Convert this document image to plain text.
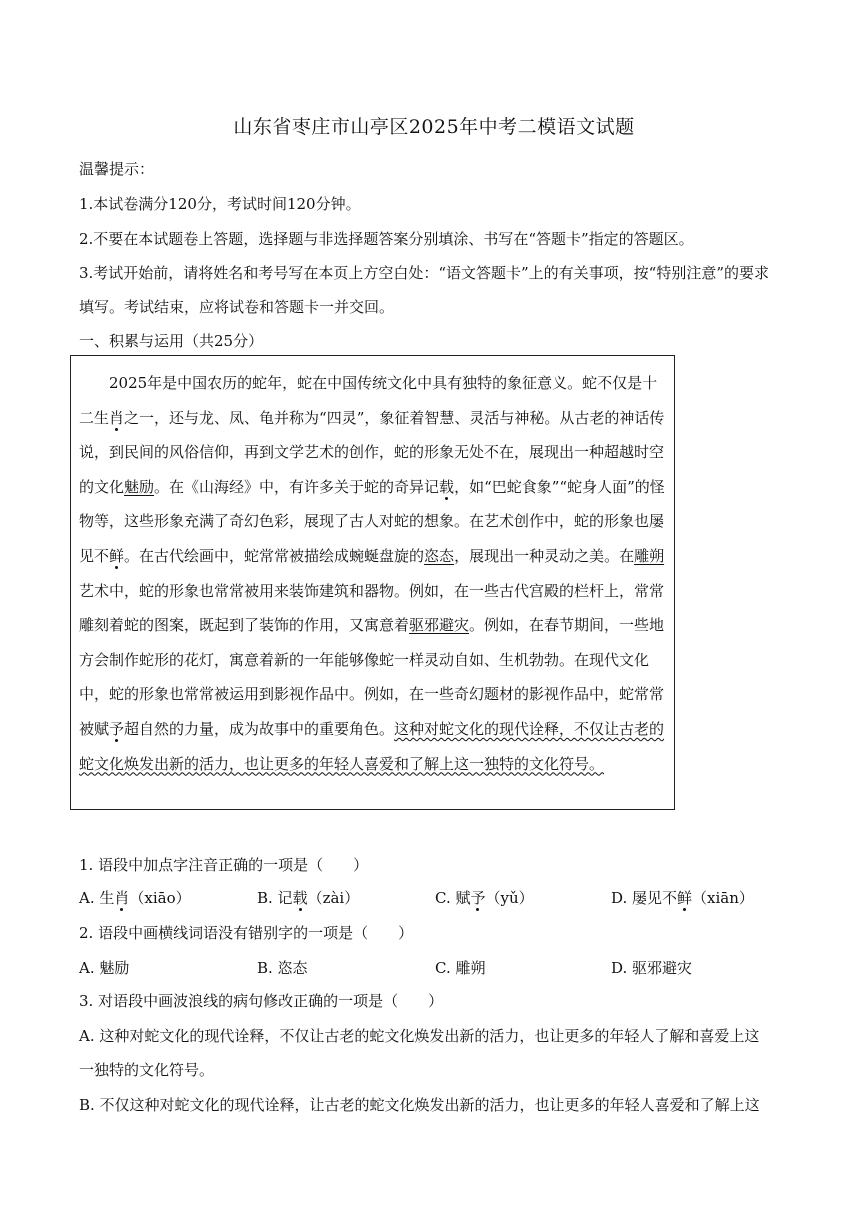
山东省枣庄市山亭区2025年中考二模语文试题
温馨提示：
1.本试卷满分120分，考试时间120分钟。
2.不要在本试题卷上答题，选择题与非选择题答案分别填涂、书写在“答题卡”指定的答题区。
3.考试开始前，请将姓名和考号写在本页上方空白处：“语文答题卡”上的有关事项，按“特别注意”的要求
填写。考试结束，应将试卷和答题卡一并交回。
一、积累与运用（共25分）
2025年是中国农历的蛇年，蛇在中国传统文化中具有独特的象征意义。蛇不仅是十二生肖之一，还与龙、凤、龟并称为“四灵”，象征着智慧、灵活与神秘。从古老的神话传说，到民间的风俗信仰，再到文学艺术的创作，蛇的形象无处不在，展现出一种超越时空的文化魅励。在《山海经》中，有许多关于蛇的奇异记载，如“巴蛇食象”“蛇身人面”的怪物等，这些形象充满了奇幻色彩，展现了古人对蛇的想象。在艺术创作中，蛇的形象也屡见不鲜。在古代绘画中，蛇常常被描绘成蜿蜒盘旋的恣态，展现出一种灵动之美。在雕朔艺术中，蛇的形象也常常被用来装饰建筑和器物。例如，在一些古代宫殿的栏杆上，常常雕刻着蛇的图案，既起到了装饰的作用，又寓意着驱邪避灾。例如，在春节期间，一些地方会制作蛇形的花灯，寓意着新的一年能够像蛇一样灵动自如、生机勃勃。在现代文化中，蛇的形象也常常被运用到影视作品中。例如，在一些奇幻题材的影视作品中，蛇常常被赋予超自然的力量，成为故事中的重要角色。这种对蛇文化的现代诠释，不仅让古老的蛇文化焕发出新的活力，也让更多的年轻人喜爱和了解上这一独特的文化符号。
1. 语段中加点字注音正确的一项是（　　）
A. 生肖（xiāo）	B. 记载（zài）	C. 赋予（yǔ）	D. 屡见不鲜（xiān）
2. 语段中画横线词语没有错别字的一项是（　　）
A. 魅励	B. 恣态	C. 雕朔	D. 驱邪避灾
3. 对语段中画波浪线的病句修改正确的一项是（　　）
A. 这种对蛇文化的现代诠释，不仅让古老的蛇文化焕发出新的活力，也让更多的年轻人了解和喜爱上这
一独特的文化符号。
B. 不仅这种对蛇文化的现代诠释，让古老的蛇文化焕发出新的活力，也让更多的年轻人喜爱和了解上这
